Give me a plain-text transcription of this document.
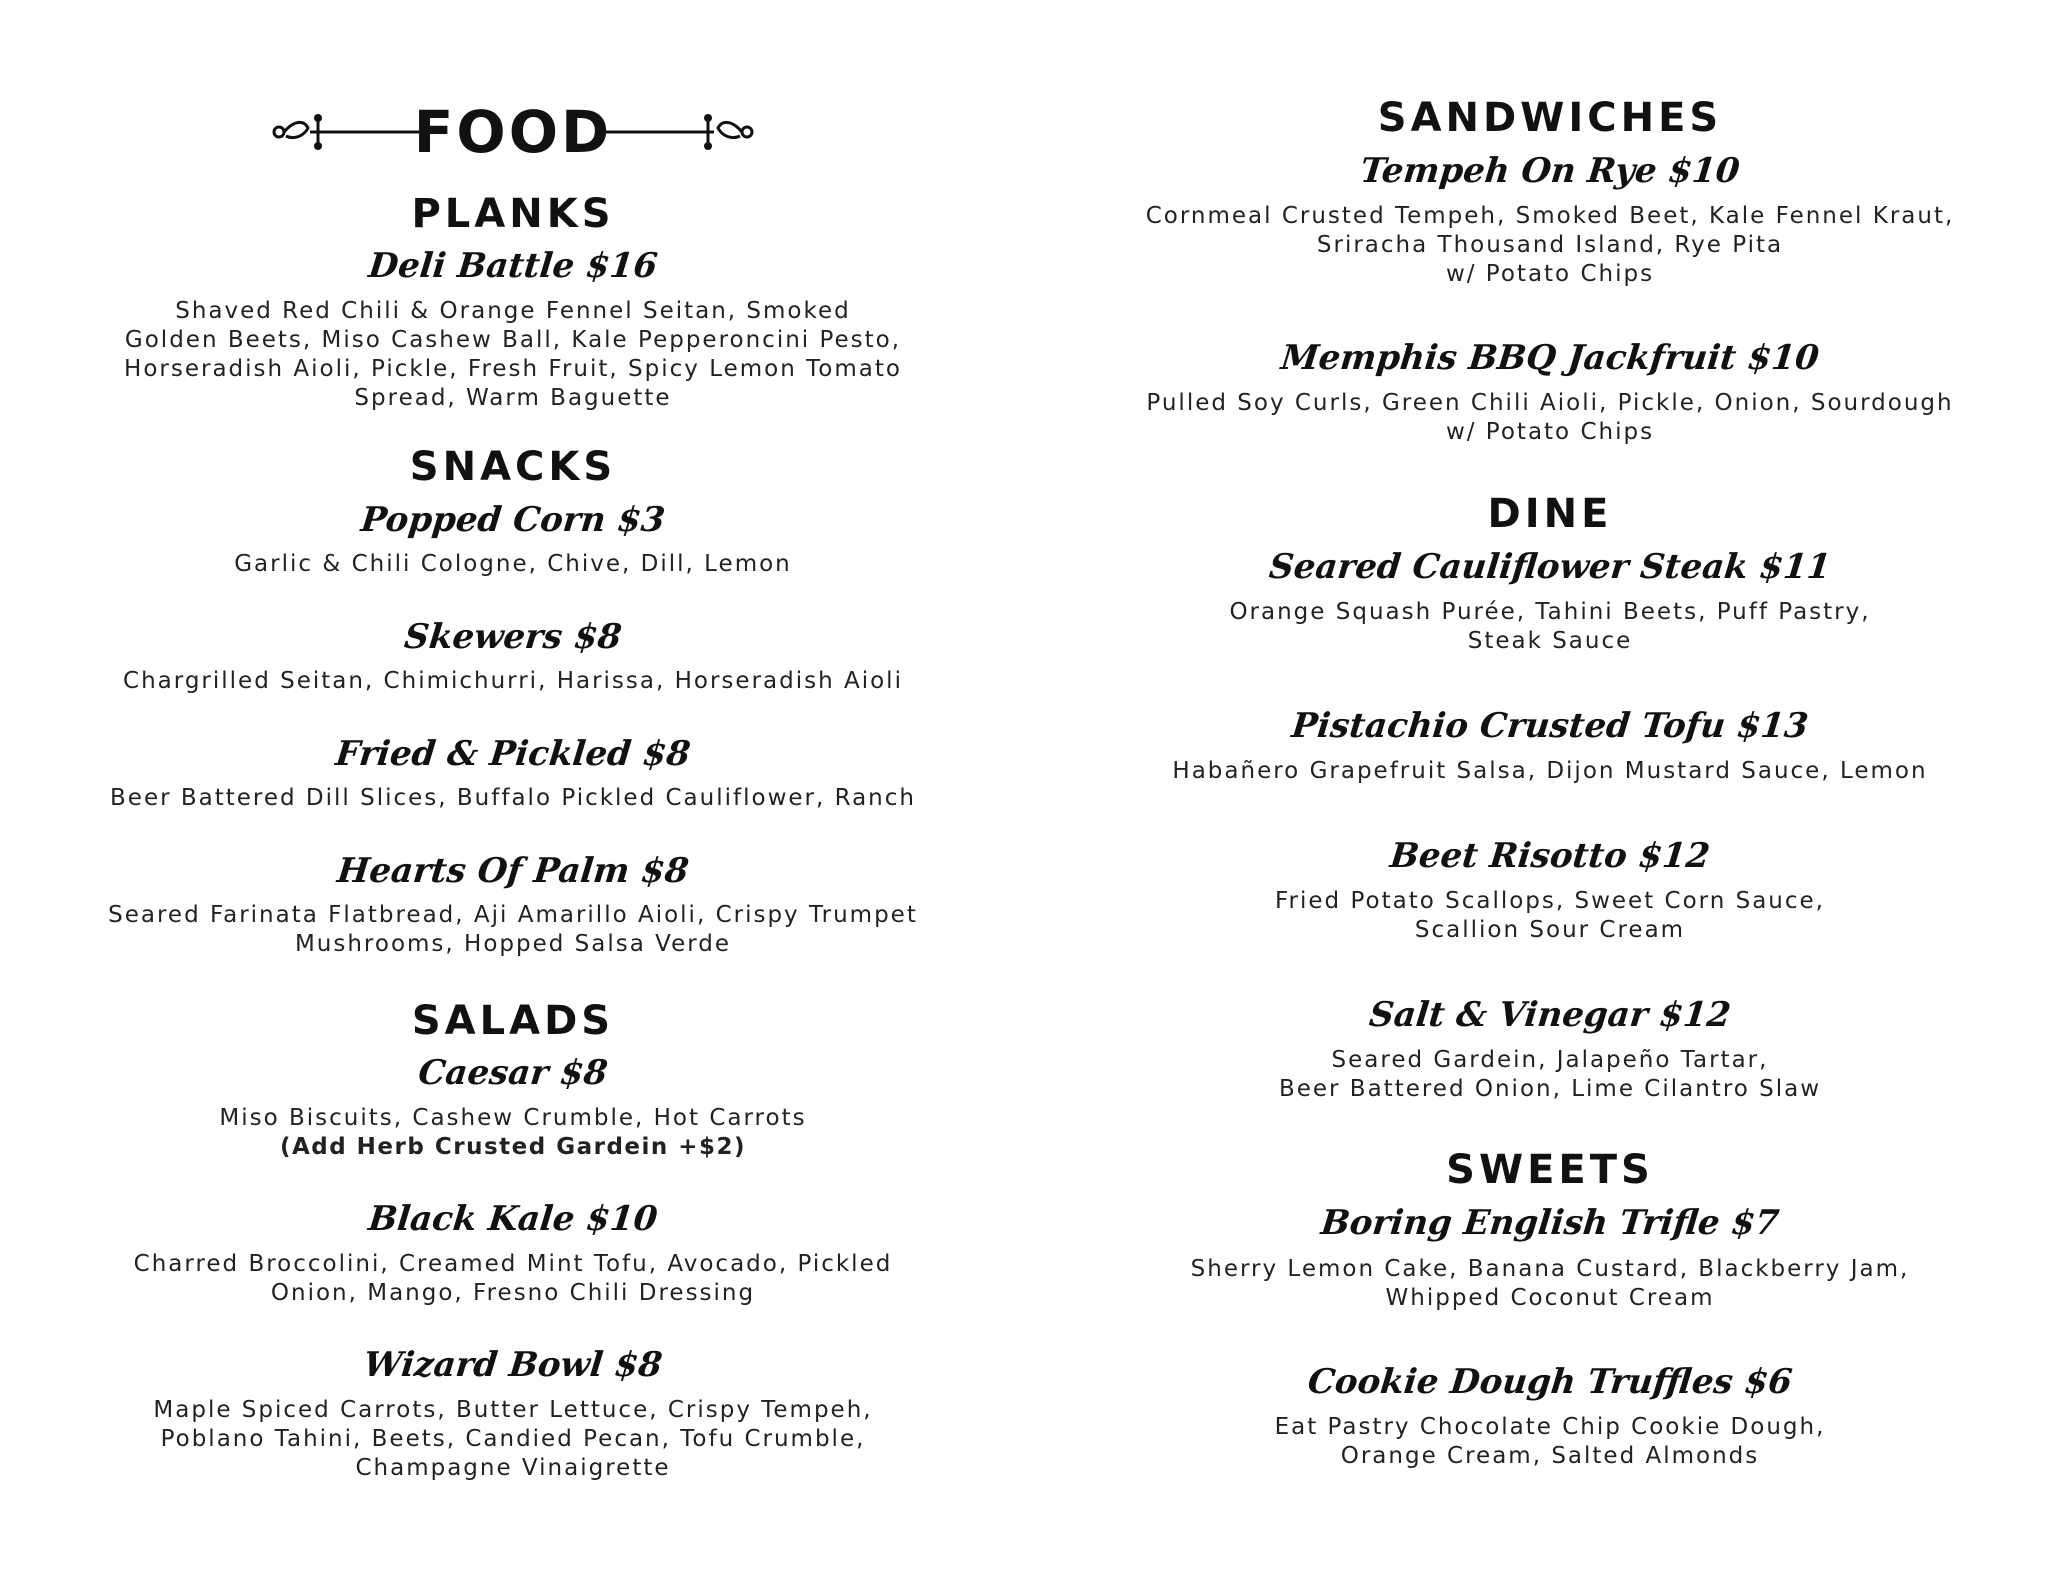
FOOD
PLANKS
Deli Battle $16
Shaved Red Chili & Orange Fennel Seitan, Smoked
Golden Beets, Miso Cashew Ball, Kale Pepperoncini Pesto,
Horseradish Aioli, Pickle, Fresh Fruit, Spicy Lemon Tomato
Spread, Warm Baguette
SNACKS
Popped Corn $3
Garlic & Chili Cologne, Chive, Dill, Lemon
Skewers $8
Chargrilled Seitan, Chimichurri, Harissa, Horseradish Aioli
Fried & Pickled $8
Beer Battered Dill Slices, Buffalo Pickled Cauliflower, Ranch
Hearts Of Palm $8
Seared Farinata Flatbread, Aji Amarillo Aioli, Crispy Trumpet
Mushrooms, Hopped Salsa Verde
SALADS
Caesar $8
Miso Biscuits, Cashew Crumble, Hot Carrots
(Add Herb Crusted Gardein +$2)
Black Kale $10
Charred Broccolini, Creamed Mint Tofu, Avocado, Pickled
Onion, Mango, Fresno Chili Dressing
Wizard Bowl $8
Maple Spiced Carrots, Butter Lettuce, Crispy Tempeh,
Poblano Tahini, Beets, Candied Pecan, Tofu Crumble,
Champagne Vinaigrette
SANDWICHES
Tempeh On Rye $10
Cornmeal Crusted Tempeh, Smoked Beet, Kale Fennel Kraut,
Sriracha Thousand Island, Rye Pita
w/ Potato Chips
Memphis BBQ Jackfruit $10
Pulled Soy Curls, Green Chili Aioli, Pickle, Onion, Sourdough
w/ Potato Chips
DINE
Seared Cauliflower Steak $11
Orange Squash Purée, Tahini Beets, Puff Pastry,
Steak Sauce
Pistachio Crusted Tofu $13
Habañero Grapefruit Salsa, Dijon Mustard Sauce, Lemon
Beet Risotto $12
Fried Potato Scallops, Sweet Corn Sauce,
Scallion Sour Cream
Salt & Vinegar $12
Seared Gardein, Jalapeño Tartar,
Beer Battered Onion, Lime Cilantro Slaw
SWEETS
Boring English Trifle $7
Sherry Lemon Cake, Banana Custard, Blackberry Jam,
Whipped Coconut Cream
Cookie Dough Truffles $6
Eat Pastry Chocolate Chip Cookie Dough,
Orange Cream, Salted Almonds
